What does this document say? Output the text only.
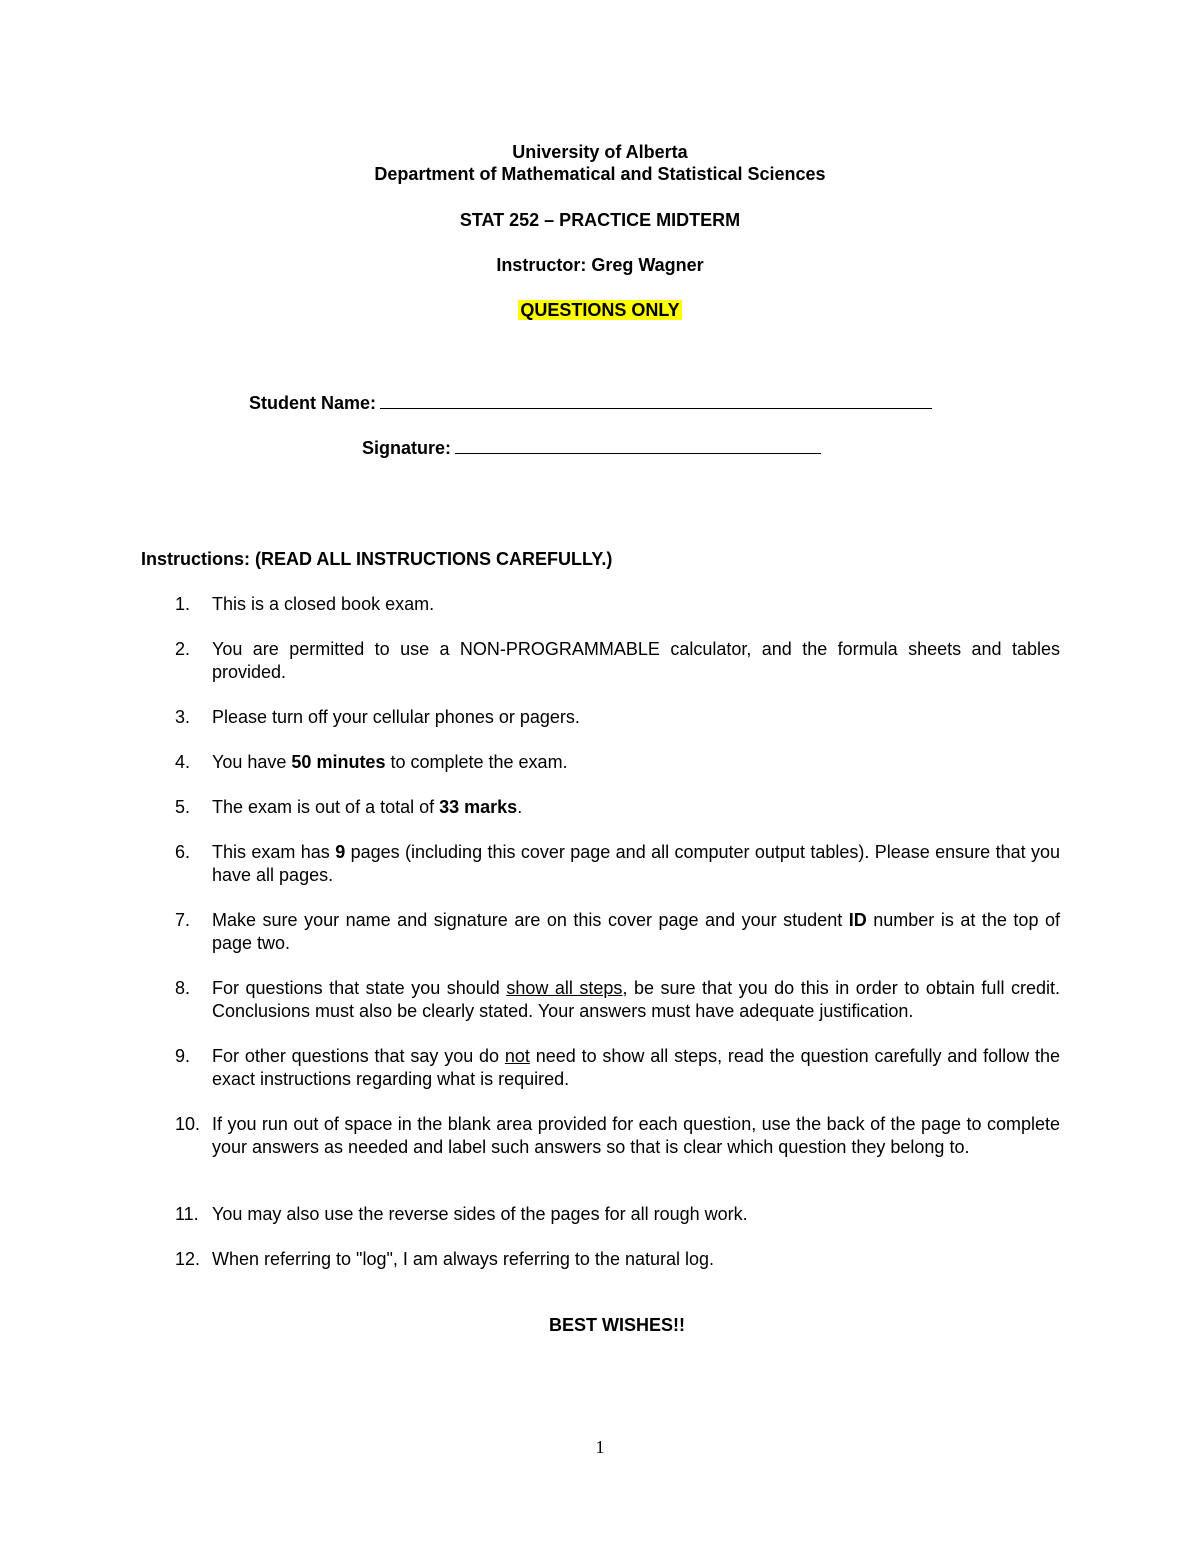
University of Alberta
Department of Mathematical and Statistical Sciences
STAT 252 – PRACTICE MIDTERM
Instructor: Greg Wagner
QUESTIONS ONLY
Student Name:
Signature:
Instructions: (READ ALL INSTRUCTIONS CAREFULLY.)
1.	This is a closed book exam.
2.	You are permitted to use a NON-PROGRAMMABLE calculator, and the formula sheets and tables provided.
3.	Please turn off your cellular phones or pagers.
4.	You have 50 minutes to complete the exam.
5.	The exam is out of a total of 33 marks.
6.	This exam has 9 pages (including this cover page and all computer output tables). Please ensure that you have all pages.
7.	Make sure your name and signature are on this cover page and your student ID number is at the top of page two.
8.	For questions that state you should show all steps, be sure that you do this in order to obtain full credit. Conclusions must also be clearly stated. Your answers must have adequate justification.
9.	For other questions that say you do not need to show all steps, read the question carefully and follow the exact instructions regarding what is required.
10. If you run out of space in the blank area provided for each question, use the back of the page to complete your answers as needed and label such answers so that is clear which question they belong to.
11. You may also use the reverse sides of the pages for all rough work.
12. When referring to "log", I am always referring to the natural log.
BEST WISHES!!
1
